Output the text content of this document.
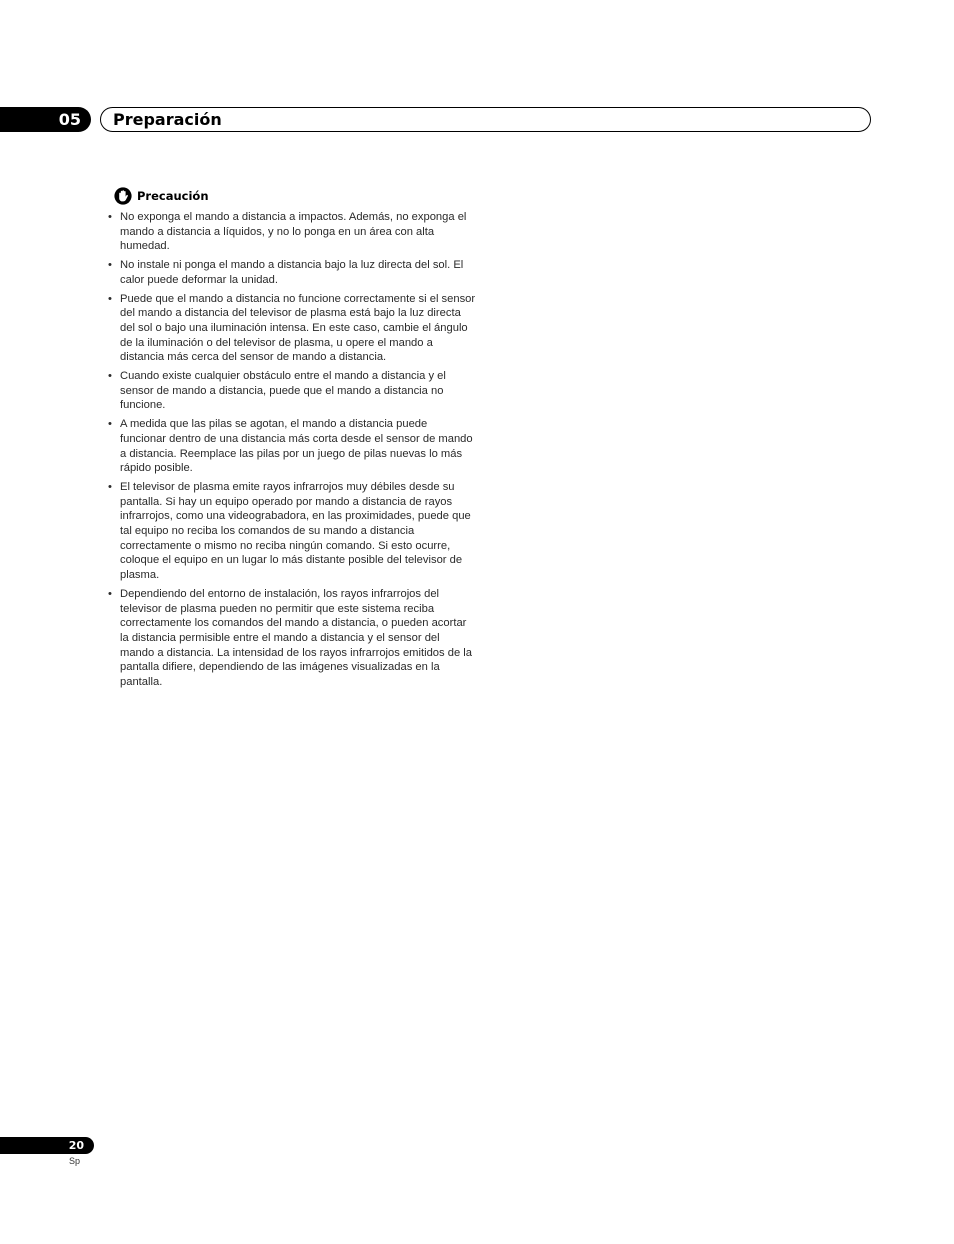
05	Preparación
Precaución
• No exponga el mando a distancia a impactos. Además, no exponga el mando a distancia a líquidos, y no lo ponga en un área con alta humedad.
• No instale ni ponga el mando a distancia bajo la luz directa del sol. El calor puede deformar la unidad.
• Puede que el mando a distancia no funcione correctamente si el sensor del mando a distancia del televisor de plasma está bajo la luz directa del sol o bajo una iluminación intensa. En este caso, cambie el ángulo de la iluminación o del televisor de plasma, u opere el mando a distancia más cerca del sensor de mando a distancia.
• Cuando existe cualquier obstáculo entre el mando a distancia y el sensor de mando a distancia, puede que el mando a distancia no funcione.
• A medida que las pilas se agotan, el mando a distancia puede funcionar dentro de una distancia más corta desde el sensor de mando a distancia. Reemplace las pilas por un juego de pilas nuevas lo más rápido posible.
• El televisor de plasma emite rayos infrarrojos muy débiles desde su pantalla. Si hay un equipo operado por mando a distancia de rayos infrarrojos, como una videograbadora, en las proximidades, puede que tal equipo no reciba los comandos de su mando a distancia correctamente o mismo no reciba ningún comando. Si esto ocurre, coloque el equipo en un lugar lo más distante posible del televisor de plasma.
• Dependiendo del entorno de instalación, los rayos infrarrojos del televisor de plasma pueden no permitir que este sistema reciba correctamente los comandos del mando a distancia, o pueden acortar la distancia permisible entre el mando a distancia y el sensor del mando a distancia. La intensidad de los rayos infrarrojos emitidos de la pantalla difiere, dependiendo de las imágenes visualizadas en la pantalla.
20
Sp
